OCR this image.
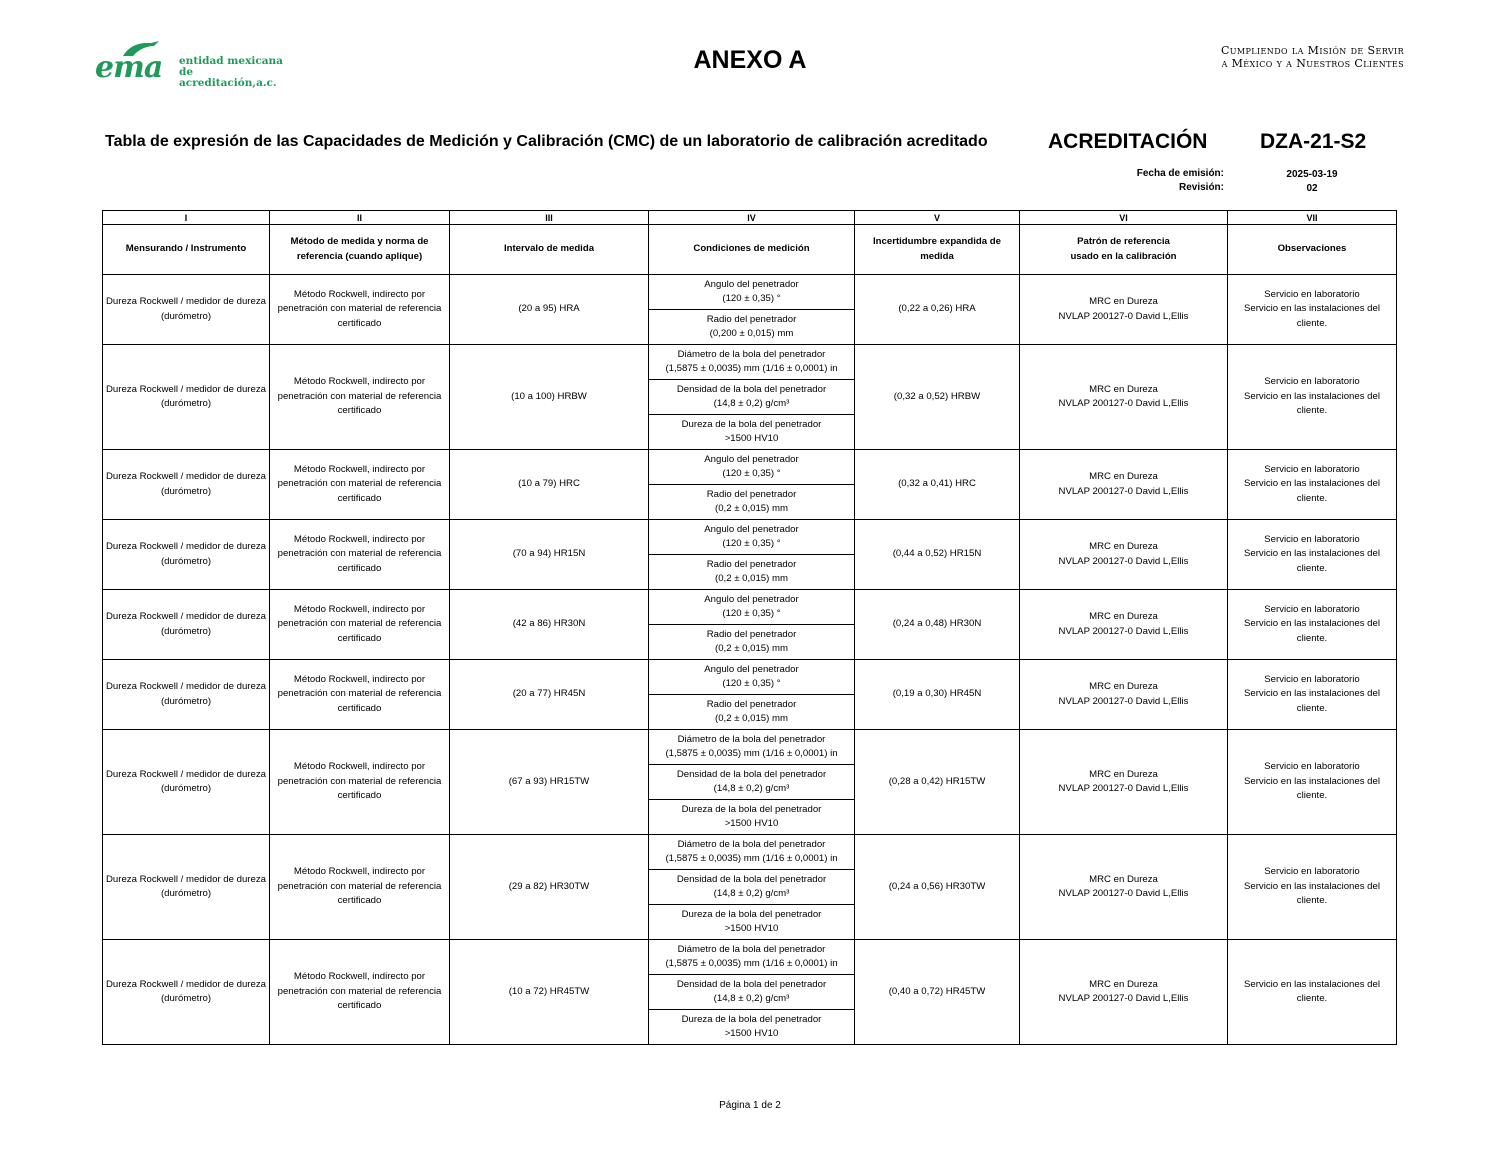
ema entidad mexicana
de acreditación,a.c.
ANEXO A	Cumpliendo la Misión de Servir
a México y a Nuestros Clientes
Tabla de expresión de las Capacidades de Medición y Calibración (CMC) de un laboratorio de calibración acreditado	ACREDITACIÓN	DZA-21-S2
Fecha de emisión:	2025-03-19
Revisión:	02
I	II	III	IV	V	VI	VII
Mensurando / Instrumento	Método de medida y norma de referencia (cuando aplique)	Intervalo de medida	Condiciones de medición	Incertidumbre expandida de medida	Patrón de referencia
usado en la calibración	Observaciones
Dureza Rockwell / medidor de dureza (durómetro)	Método Rockwell, indirecto por penetración con material de referencia certificado	(20 a 95) HRA	Angulo del penetrador
(120 ± 0,35) °	(0,22 a 0,26) HRA	MRC en Dureza
NVLAP 200127-0 David L,Ellis	Servicio en laboratorio
Servicio en las instalaciones del cliente.
			Radio del penetrador
(0,200 ± 0,015) mm			
Dureza Rockwell / medidor de dureza (durómetro)	Método Rockwell, indirecto por penetración con material de referencia certificado	(10 a 100) HRBW	Diámetro de la bola del penetrador
(1,5875 ± 0,0035) mm (1/16 ± 0,0001) in	(0,32 a 0,52) HRBW	MRC en Dureza
NVLAP 200127-0 David L,Ellis	Servicio en laboratorio
Servicio en las instalaciones del cliente.
			Densidad de la bola del penetrador
(14,8 ± 0,2) g/cm³			
			Dureza de la bola del penetrador
>1500 HV10			
Dureza Rockwell / medidor de dureza (durómetro)	Método Rockwell, indirecto por penetración con material de referencia certificado	(10 a 79) HRC	Angulo del penetrador
(120 ± 0,35) °	(0,32 a 0,41) HRC	MRC en Dureza
NVLAP 200127-0 David L,Ellis	Servicio en laboratorio
Servicio en las instalaciones del cliente.
			Radio del penetrador
(0,2 ± 0,015) mm			
Dureza Rockwell / medidor de dureza (durómetro)	Método Rockwell, indirecto por penetración con material de referencia certificado	(70 a 94) HR15N	Angulo del penetrador
(120 ± 0,35) °	(0,44 a 0,52) HR15N	MRC en Dureza
NVLAP 200127-0 David L,Ellis	Servicio en laboratorio
Servicio en las instalaciones del cliente.
			Radio del penetrador
(0,2 ± 0,015) mm			
Dureza Rockwell / medidor de dureza (durómetro)	Método Rockwell, indirecto por penetración con material de referencia certificado	(42 a 86) HR30N	Angulo del penetrador
(120 ± 0,35) °	(0,24 a 0,48) HR30N	MRC en Dureza
NVLAP 200127-0 David L,Ellis	Servicio en laboratorio
Servicio en las instalaciones del cliente.
			Radio del penetrador
(0,2 ± 0,015) mm			
Dureza Rockwell / medidor de dureza (durómetro)	Método Rockwell, indirecto por penetración con material de referencia certificado	(20 a 77) HR45N	Angulo del penetrador
(120 ± 0,35) °	(0,19 a 0,30) HR45N	MRC en Dureza
NVLAP 200127-0 David L,Ellis	Servicio en laboratorio
Servicio en las instalaciones del cliente.
			Radio del penetrador
(0,2 ± 0,015) mm			
Dureza Rockwell / medidor de dureza (durómetro)	Método Rockwell, indirecto por penetración con material de referencia certificado	(67 a 93) HR15TW	Diámetro de la bola del penetrador
(1,5875 ± 0,0035) mm (1/16 ± 0,0001) in	(0,28 a 0,42) HR15TW	MRC en Dureza
NVLAP 200127-0 David L,Ellis	Servicio en laboratorio
Servicio en las instalaciones del cliente.
			Densidad de la bola del penetrador
(14,8 ± 0,2) g/cm³			
			Dureza de la bola del penetrador
>1500 HV10			
Dureza Rockwell / medidor de dureza (durómetro)	Método Rockwell, indirecto por penetración con material de referencia certificado	(29 a 82) HR30TW	Diámetro de la bola del penetrador
(1,5875 ± 0,0035) mm (1/16 ± 0,0001) in	(0,24 a 0,56) HR30TW	MRC en Dureza
NVLAP 200127-0 David L,Ellis	Servicio en laboratorio
Servicio en las instalaciones del cliente.
			Densidad de la bola del penetrador
(14,8 ± 0,2) g/cm³			
			Dureza de la bola del penetrador
>1500 HV10			
Dureza Rockwell / medidor de dureza (durómetro)	Método Rockwell, indirecto por penetración con material de referencia certificado	(10 a 72) HR45TW	Diámetro de la bola del penetrador
(1,5875 ± 0,0035) mm (1/16 ± 0,0001) in	(0,40 a 0,72) HR45TW	MRC en Dureza
NVLAP 200127-0 David L,Ellis	Servicio en las instalaciones del cliente.
			Densidad de la bola del penetrador
(14,8 ± 0,2) g/cm³			
			Dureza de la bola del penetrador
>1500 HV10			
Página 1 de 2
